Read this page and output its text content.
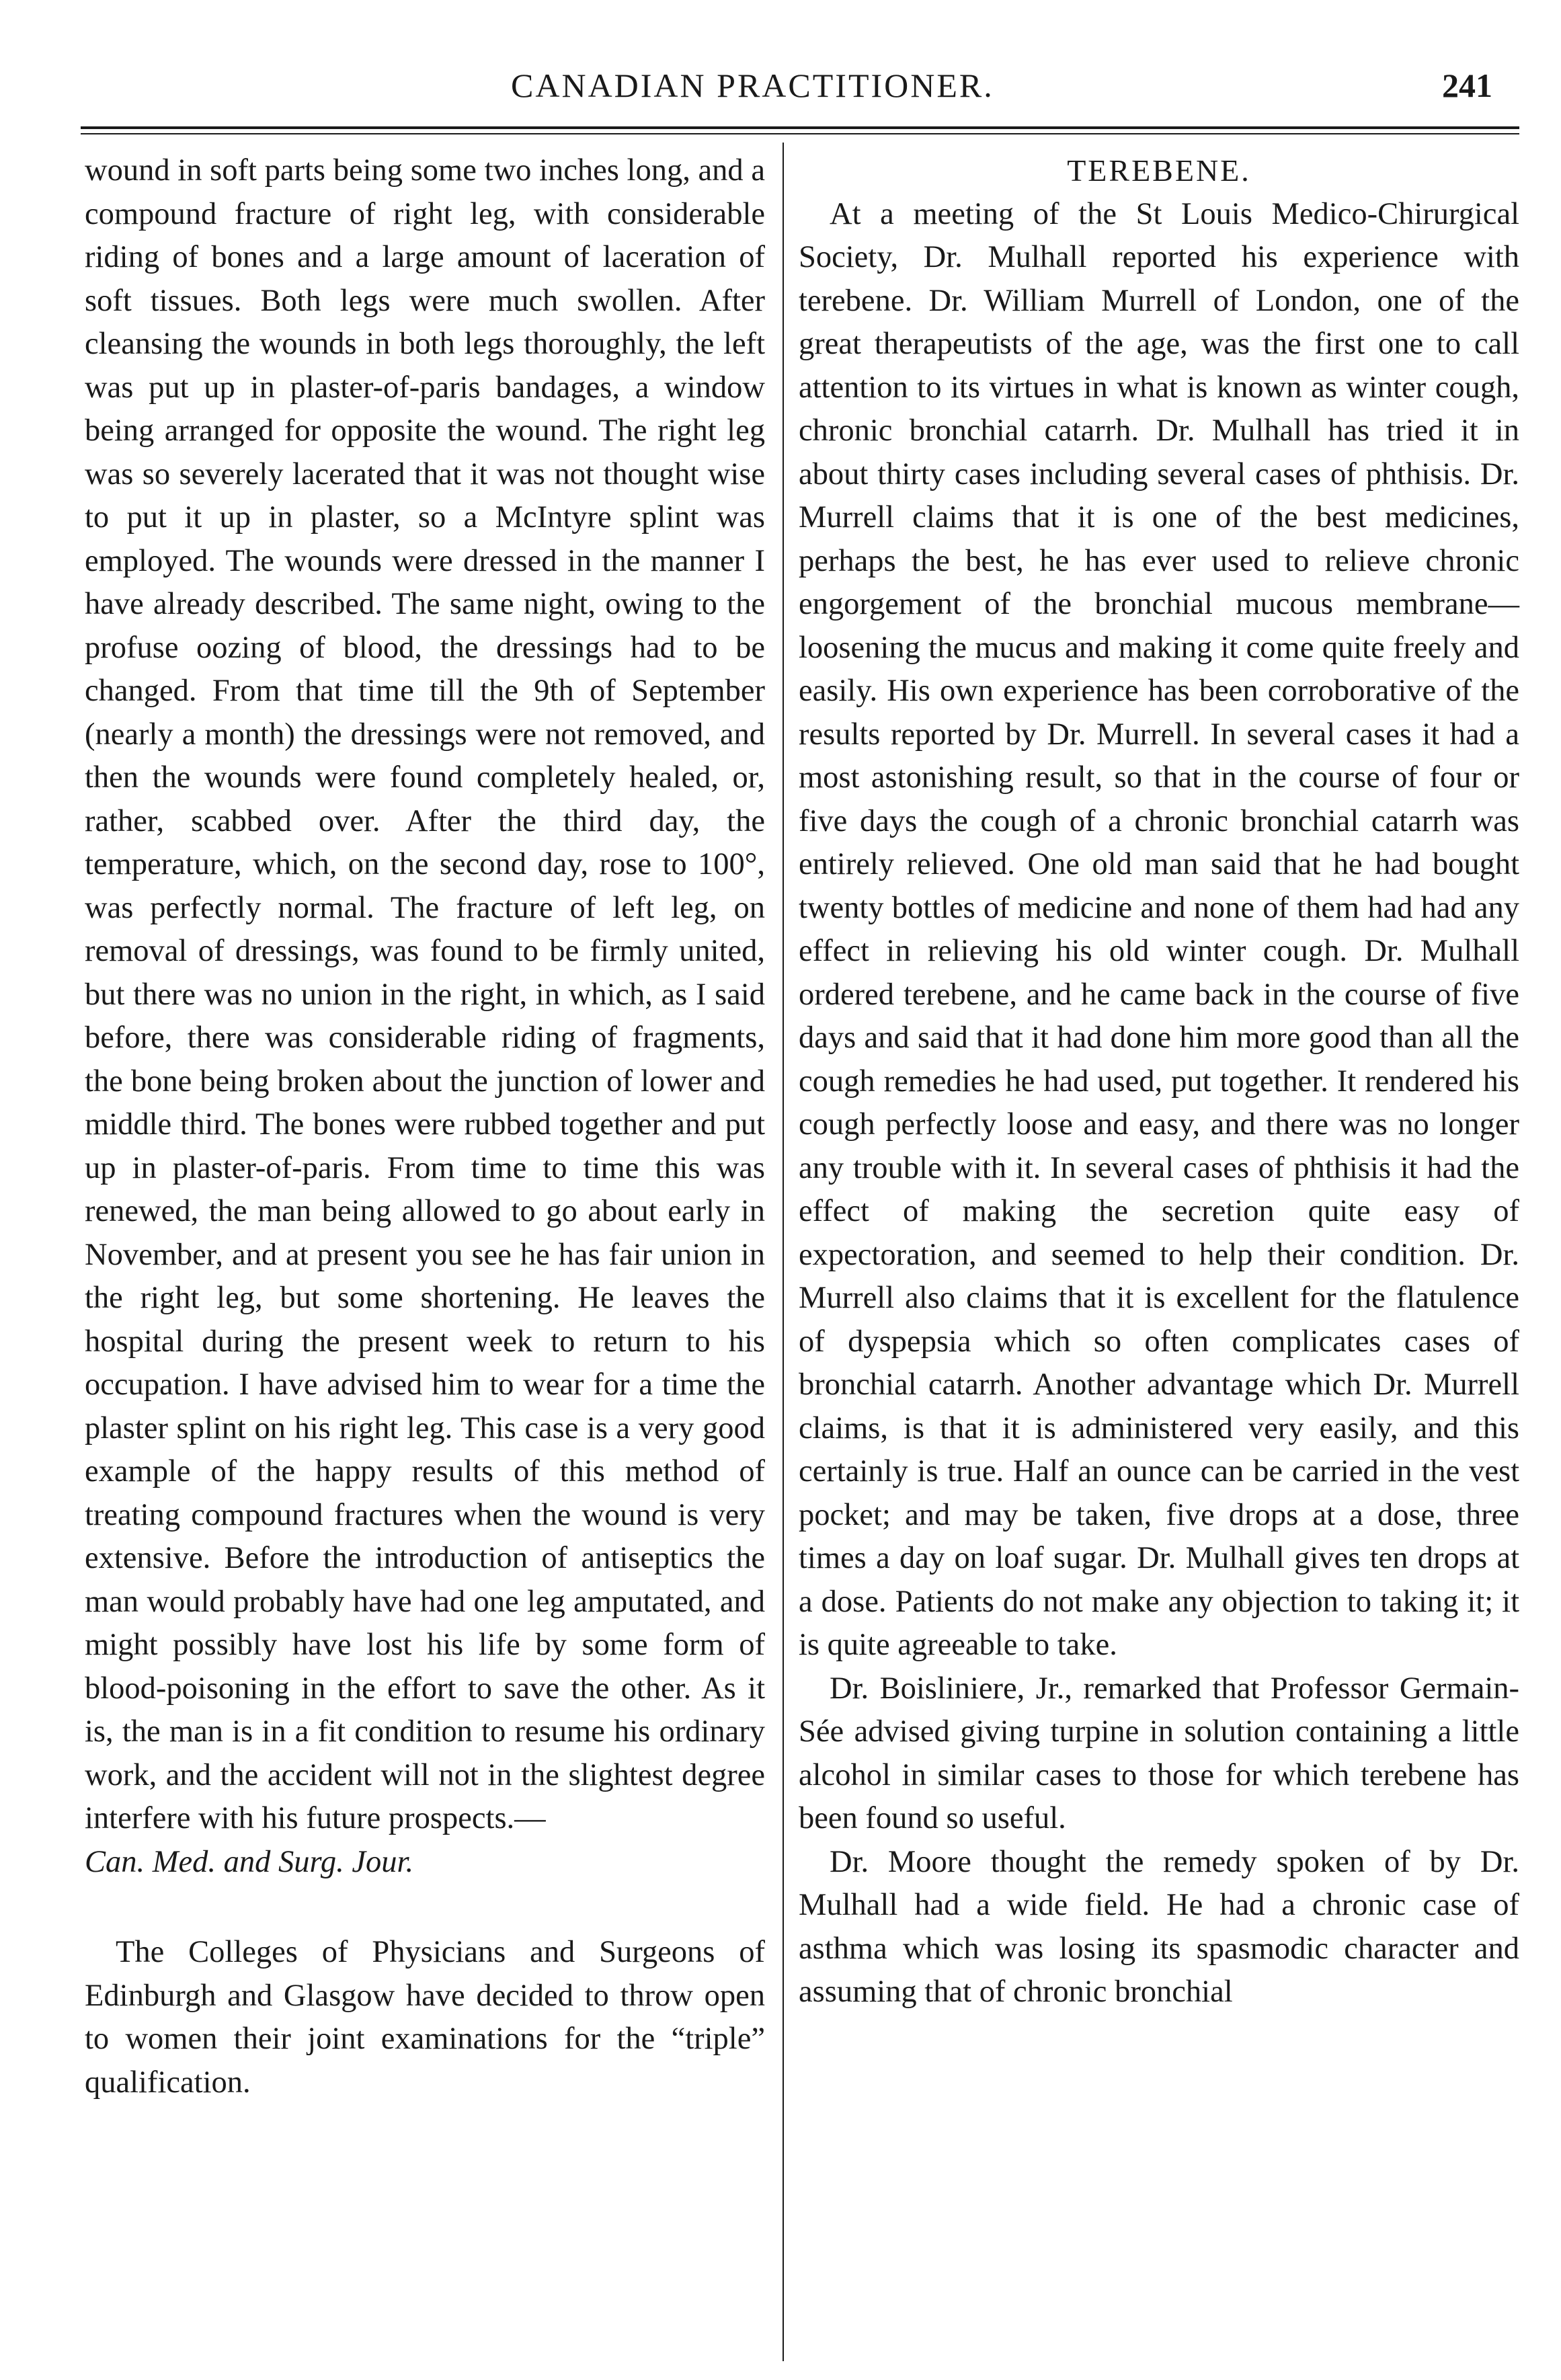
CANADIAN PRACTITIONER.	241

wound in soft parts being some two inches long, and a compound fracture of right leg, with considerable riding of bones and a large amount of laceration of soft tissues. Both legs were much swollen. After cleansing the wounds in both legs thoroughly, the left was put up in plaster-of-paris bandages, a window being arranged for opposite the wound. The right leg was so severely lacerated that it was not thought wise to put it up in plaster, so a McIntyre splint was employed. The wounds were dressed in the manner I have already described. The same night, owing to the profuse oozing of blood, the dressings had to be changed. From that time till the 9th of September (nearly a month) the dressings were not removed, and then the wounds were found completely healed, or, rather, scabbed over. After the third day, the temperature, which, on the second day, rose to 100°, was perfectly normal. The fracture of left leg, on removal of dressings, was found to be firmly united, but there was no union in the right, in which, as I said before, there was considerable riding of fragments, the bone being broken about the junction of lower and middle third. The bones were rubbed together and put up in plaster-of-paris. From time to time this was renewed, the man being allowed to go about early in November, and at present you see he has fair union in the right leg, but some shortening. He leaves the hospital during the present week to return to his occupation. I have advised him to wear for a time the plaster splint on his right leg. This case is a very good example of the happy results of this method of treating compound fractures when the wound is very extensive. Before the introduction of antiseptics the man would probably have had one leg amputated, and might possibly have lost his life by some form of blood-poisoning in the effort to save the other. As it is, the man is in a fit condition to resume his ordinary work, and the accident will not in the slightest degree interfere with his future prospects.—

Can. Med. and Surg. Jour.

The Colleges of Physicians and Surgeons of Edinburgh and Glasgow have decided to throw open to women their joint examinations for the “triple” qualification.

TEREBENE.

At a meeting of the St Louis Medico-Chirurgical Society, Dr. Mulhall reported his experience with terebene. Dr. William Murrell of London, one of the great therapeutists of the age, was the first one to call attention to its virtues in what is known as winter cough, chronic bronchial catarrh. Dr. Mulhall has tried it in about thirty cases including several cases of phthisis. Dr. Murrell claims that it is one of the best medicines, perhaps the best, he has ever used to relieve chronic engorgement of the bronchial mucous membrane—loosening the mucus and making it come quite freely and easily. His own experience has been corroborative of the results reported by Dr. Murrell. In several cases it had a most astonishing result, so that in the course of four or five days the cough of a chronic bronchial catarrh was entirely relieved. One old man said that he had bought twenty bottles of medicine and none of them had had any effect in relieving his old winter cough. Dr. Mulhall ordered terebene, and he came back in the course of five days and said that it had done him more good than all the cough remedies he had used, put together. It rendered his cough perfectly loose and easy, and there was no longer any trouble with it. In several cases of phthisis it had the effect of making the secretion quite easy of expectoration, and seemed to help their condition. Dr. Murrell also claims that it is excellent for the flatulence of dyspepsia which so often complicates cases of bronchial catarrh. Another advantage which Dr. Murrell claims, is that it is administered very easily, and this certainly is true. Half an ounce can be carried in the vest pocket; and may be taken, five drops at a dose, three times a day on loaf sugar. Dr. Mulhall gives ten drops at a dose. Patients do not make any objection to taking it; it is quite agreeable to take.

Dr. Boisliniere, Jr., remarked that Professor Germain-Sée advised giving turpine in solution containing a little alcohol in similar cases to those for which terebene has been found so useful.

Dr. Moore thought the remedy spoken of by Dr. Mulhall had a wide field. He had a chronic case of asthma which was losing its spasmodic character and assuming that of chronic bronchial
